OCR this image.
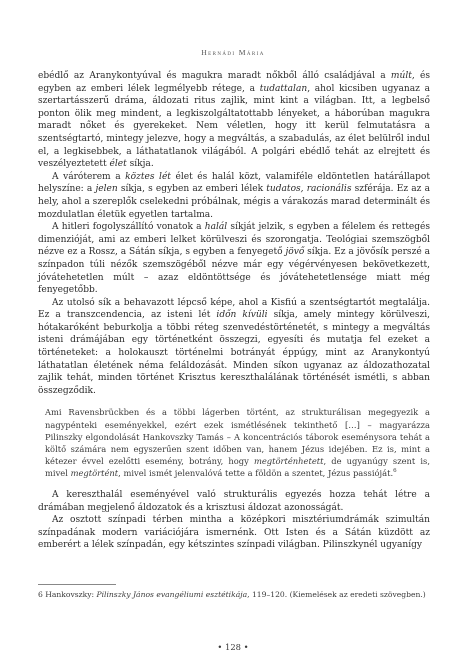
Hernádi Mária

ebédlő az Aranykontyúval és magukra maradt nőkből álló családjával a múlt, és egyben az emberi lélek legmélyebb rétege, a tudattalan, ahol kicsiben ugyanaz a szertartásszerű dráma, áldozati ritus zajlik, mint kint a világban. Itt, a legbelső ponton ölik meg mindent, a legkiszolgáltatottabb lényeket, a háborúban magukra maradt nőket és gyerekeket. Nem véletlen, hogy itt kerül felmutatásra a szentségtartó, mintegy jelezve, hogy a megváltás, a szabadulás, az élet belülről indul el, a legkisebbek, a láthatatlanok világából. A polgári ebédlő tehát az elrejtett és veszélyeztetett élet síkja.

A váróterem a köztes lét élet és halál közt, valamiféle eldöntetlen határállapot helyszíne: a jelen síkja, s egyben az emberi lélek tudatos, racionális szférája. Ez az a hely, ahol a szereplők cselekedni próbálnak, mégis a várakozás marad determinált és mozdulatlan életük egyetlen tartalma.

A hitleri fogolyszállító vonatok a halál síkját jelzik, s egyben a félelem és rettegés dimenzióját, ami az emberi lelket körülveszi és szorongatja. Teológiai szemszögből nézve ez a Rossz, a Sátán síkja, s egyben a fenyegető jövő síkja. Ez a jövősík perszé a színpadon túli nézők szemszögéből nézve már egy végérvényesen bekövetkezett, jóvátehetetlen múlt – azaz eldöntöttsége és jóvátehetetlensége miatt még fenyegetőbb.

Az utolsó sík a behavazott lépcső képe, ahol a Kisfiú a szentségtartót megtalálja. Ez a transzcendencia, az isteni lét időn kívüli síkja, amely mintegy körülveszi, hótakaróként beburkolja a többi réteg szenvedéstörténetét, s mintegy a megváltás isteni drámájában egy történetként összegzi, egyesíti és mutatja fel ezeket a történeteket: a holokauszt történelmi botrányát éppúgy, mint az Aranykontyú láthatatlan életének néma feláldozását. Minden síkon ugyanaz az áldozathozatal zajlik tehát, minden történet Krisztus kereszthalálának történését ismétli, s abban összegződik.

Ami Ravensbrückben és a többi lágerben történt, az strukturálisan megegyezik a nagypénteki eseményekkel, ezért ezek ismétlésének tekinthető […] – magyarázza Pilinszky elgondolását Hankovszky Tamás – A koncentrációs táborok eseménysora tehát a költő számára nem egyszerűen szent időben van, hanem Jézus idejében. Ez is, mint a kétezer évvel ezelőtti esemény, botrány, hogy megtörténhetett, de ugyanúgy szent is, mivel megtörtént, mivel ismét jelenvalóvá tette a földön a szentet, Jézus passióját.$^6$

A kereszthalál eseményével való strukturális egyezés hozza tehát létre a drámában megjelenő áldozatok és a krisztusi áldozat azonosságát.

Az osztott színpadi térben mintha a középkori misztériumdrámák szimultán színpadának modern variációjára ismernénk. Ott Isten és a Sátán küzdött az emberért a lélek színpadán, egy kétszintes színpadi világban. Pilinszkynél ugyanígy

6 Hankovszky: Pilinszky János evangéliumi esztétikája, 119–120. (Kiemelések az eredeti szövegben.)
• 128 •
